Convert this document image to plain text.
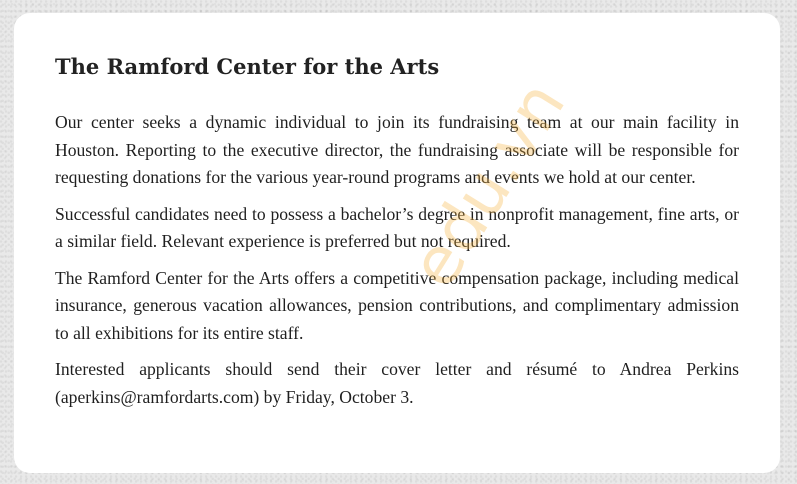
The Ramford Center for the Arts

Our center seeks a dynamic individual to join its fundraising team at our main facility in Houston. Reporting to the executive director, the fundraising associate will be responsible for requesting donations for the various year-round programs and events we hold at our center.

Successful candidates need to possess a bachelor’s degree in nonprofit management, fine arts, or a similar field. Relevant experience is preferred but not required.

The Ramford Center for the Arts offers a competitive compensation package, including medical insurance, generous vacation allowances, pension contributions, and complimentary admission to all exhibitions for its entire staff.

Interested applicants should send their cover letter and résumé to Andrea Perkins (aperkins@ramfordarts.com) by Friday, October 3.

edu.vn
